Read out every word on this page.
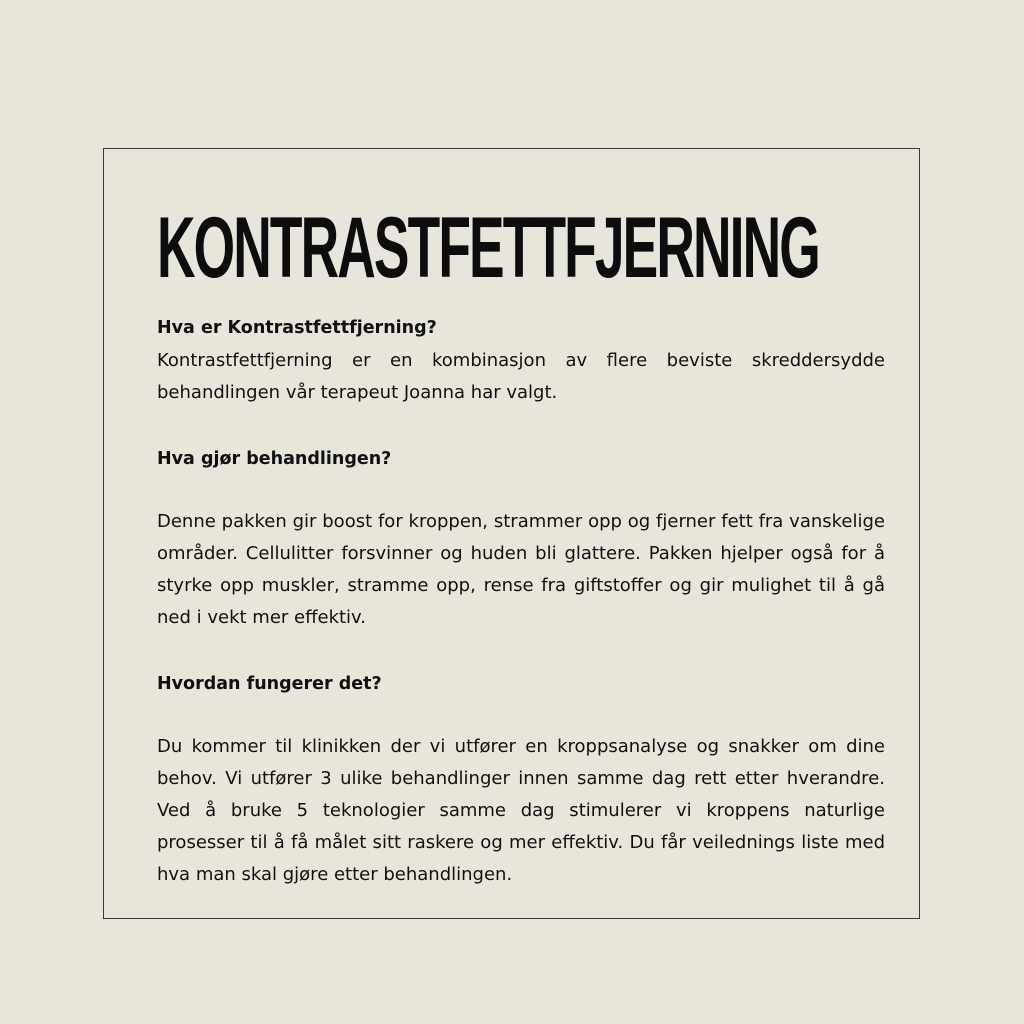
KONTRASTFETTFJERNING

Hva er Kontrastfettfjerning?

Kontrastfettfjerning er en kombinasjon av flere beviste skreddersydde behandlingen vår terapeut Joanna har valgt.

Hva gjør behandlingen?

Denne pakken gir boost for kroppen, strammer opp og fjerner fett fra vanskelige områder. Cellulitter forsvinner og huden bli glattere. Pakken hjelper også for å styrke opp muskler, stramme opp, rense fra giftstoffer og gir mulighet til å gå ned i vekt mer effektiv.

Hvordan fungerer det?

Du kommer til klinikken der vi utfører en kroppsanalyse og snakker om dine behov. Vi utfører 3 ulike behandlinger innen samme dag rett etter hverandre. Ved å bruke 5 teknologier samme dag stimulerer vi kroppens naturlige prosesser til å få målet sitt raskere og mer effektiv. Du får veilednings liste med hva man skal gjøre etter behandlingen.
